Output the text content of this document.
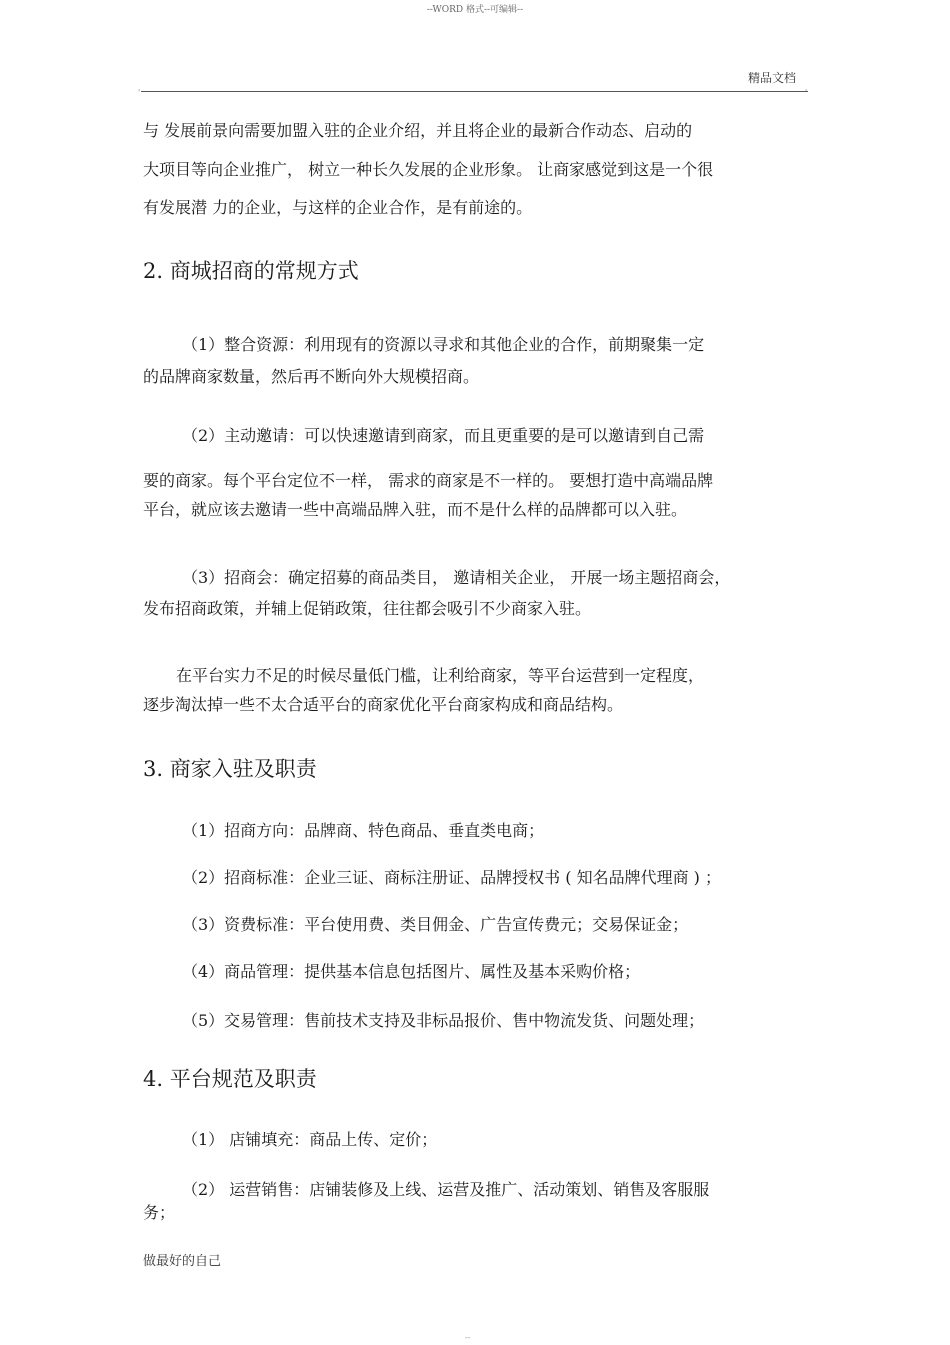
--WORD 格式--可编辑--
精品文档
'	'
与 发展前景向需要加盟入驻的企业介绍，并且将企业的最新合作动态、启动的
大项目等向企业推广， 树立一种长久发展的企业形象。 让商家感觉到这是一个很
有发展潜 力的企业，与这样的企业合作，是有前途的。
2. 商城招商的常规方式
（1）整合资源：利用现有的资源以寻求和其他企业的合作，前期聚集一定
的品牌商家数量，然后再不断向外大规模招商。
（2）主动邀请：可以快速邀请到商家，而且更重要的是可以邀请到自己需
要的商家。每个平台定位不一样， 需求的商家是不一样的。 要想打造中高端品牌
平台，就应该去邀请一些中高端品牌入驻，而不是什么样的品牌都可以入驻。
（3）招商会：确定招募的商品类目， 邀请相关企业， 开展一场主题招商会，
发布招商政策，并辅上促销政策，往往都会吸引不少商家入驻。
在平台实力不足的时候尽量低门槛，让利给商家，等平台运营到一定程度，
逐步淘汰掉一些不太合适平台的商家优化平台商家构成和商品结构。
3. 商家入驻及职责
（1）招商方向：品牌商、特色商品、垂直类电商；
（2）招商标准：企业三证、商标注册证、品牌授权书 ( 知名品牌代理商 ) ；
（3）资费标准：平台使用费、类目佣金、广告宣传费元；交易保证金；
（4）商品管理：提供基本信息包括图片、属性及基本采购价格；
（5）交易管理：售前技术支持及非标品报价、售中物流发货、问题处理；
4. 平台规范及职责
（1） 店铺填充：商品上传、定价；
（2） 运营销售：店铺装修及上线、运营及推广、活动策划、销售及客服服
务；
做最好的自己
--
